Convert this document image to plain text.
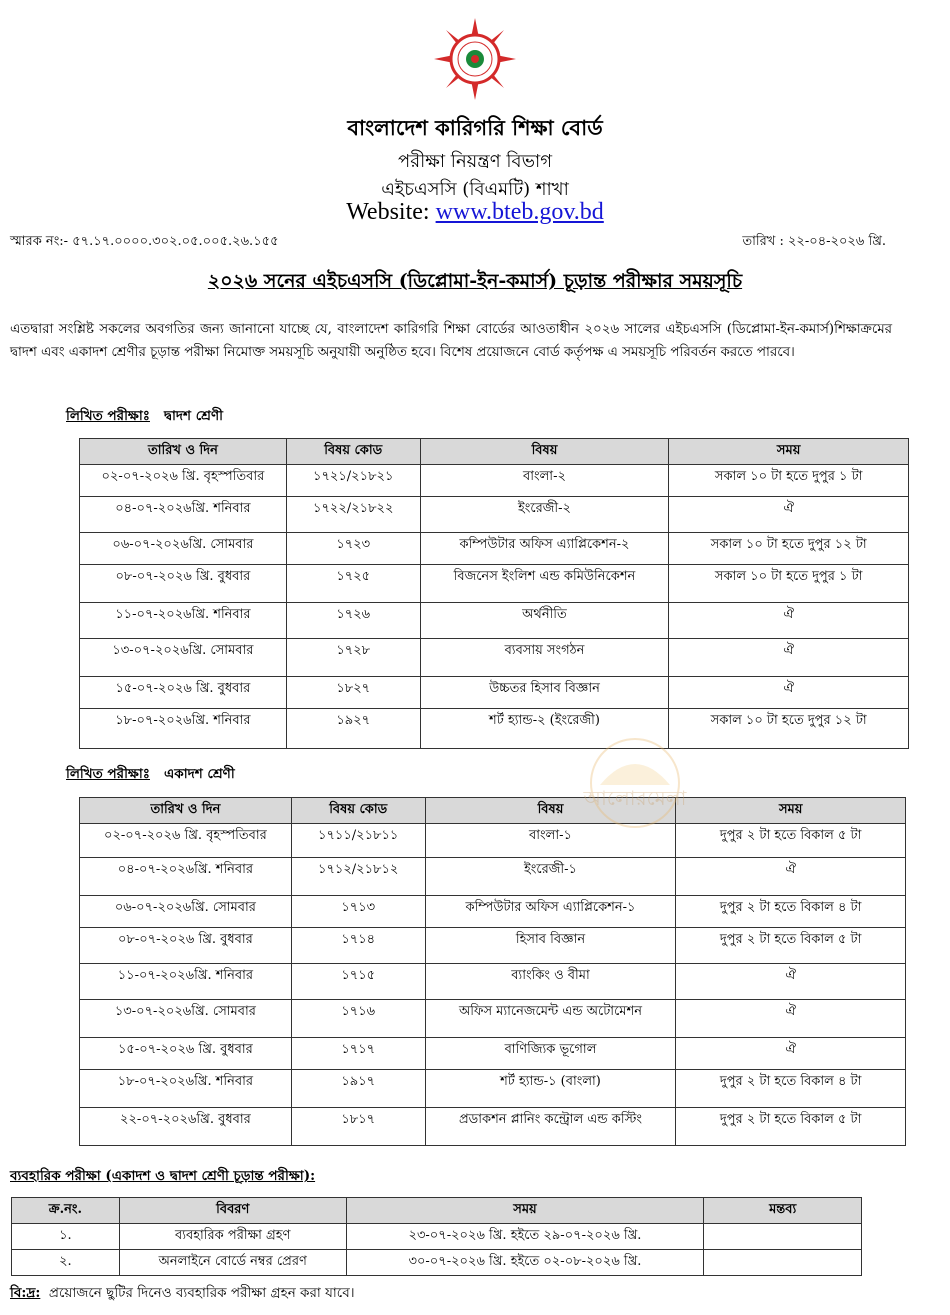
বাংলাদেশ কারিগরি শিক্ষা বোর্ড
পরীক্ষা নিয়ন্ত্রণ বিভাগ
এইচএসসি (বিএমটি) শাখা
Website: www.bteb.gov.bd
স্মারক নং:- ৫৭.১৭.০০০০.৩০২.০৫.০০৫.২৬.১৫৫	তারিখ : ২২-০৪-২০২৬ খ্রি.
২০২৬ সনের এইচএসসি (ডিপ্লোমা-ইন-কমার্স) চূড়ান্ত পরীক্ষার সময়সূচি

এতদ্বারা সংশ্লিষ্ট সকলের অবগতির জন্য জানানো যাচ্ছে যে, বাংলাদেশ কারিগরি শিক্ষা বোর্ডের আওতাধীন ২০২৬ সালের এইচএসসি (ডিপ্লোমা-ইন-কমার্স)শিক্ষাক্রমের দ্বাদশ এবং একাদশ শ্রেণীর চূড়ান্ত পরীক্ষা নিমোক্ত সময়সূচি অনুযায়ী অনুষ্ঠিত হবে। বিশেষ প্রয়োজনে বোর্ড কর্তৃপক্ষ এ সময়সূচি পরিবর্তন করতে পারবে।

লিখিত পরীক্ষাঃ দ্বাদশ শ্রেণী
তারিখ ও দিন	বিষয় কোড	বিষয়	সময়
০২-০৭-২০২৬ খ্রি. বৃহস্পতিবার	১৭২১/২১৮২১	বাংলা-২	সকাল ১০ টা হতে দুপুর ১ টা
০৪-০৭-২০২৬খ্রি. শনিবার	১৭২২/২১৮২২	ইংরেজী-২	ঐ
০৬-০৭-২০২৬খ্রি. সোমবার	১৭২৩	কম্পিউটার অফিস এ্যাপ্লিকেশন-২	সকাল ১০ টা হতে দুপুর ১২ টা
০৮-০৭-২০২৬ খ্রি. বুধবার	১৭২৫	বিজনেস ইংলিশ এন্ড কমিউনিকেশন	সকাল ১০ টা হতে দুপুর ১ টা
১১-০৭-২০২৬খ্রি. শনিবার	১৭২৬	অর্থনীতি	ঐ
১৩-০৭-২০২৬খ্রি. সোমবার	১৭২৮	ব্যবসায় সংগঠন	ঐ
১৫-০৭-২০২৬ খ্রি. বুধবার	১৮২৭	উচ্চতর হিসাব বিজ্ঞান	ঐ
১৮-০৭-২০২৬খ্রি. শনিবার	১৯২৭	শর্ট হ্যান্ড-২ (ইংরেজী)	সকাল ১০ টা হতে দুপুর ১২ টা
লিখিত পরীক্ষাঃ একাদশ শ্রেণী
তারিখ ও দিন	বিষয় কোড	বিষয়	সময়
০২-০৭-২০২৬ খ্রি. বৃহস্পতিবার	১৭১১/২১৮১১	বাংলা-১	দুপুর ২ টা হতে বিকাল ৫ টা
০৪-০৭-২০২৬খ্রি. শনিবার	১৭১২/২১৮১২	ইংরেজী-১	ঐ
০৬-০৭-২০২৬খ্রি. সোমবার	১৭১৩	কম্পিউটার অফিস এ্যাপ্লিকেশন-১	দুপুর ২ টা হতে বিকাল ৪ টা
০৮-০৭-২০২৬ খ্রি. বুধবার	১৭১৪	হিসাব বিজ্ঞান	দুপুর ২ টা হতে বিকাল ৫ টা
১১-০৭-২০২৬খ্রি. শনিবার	১৭১৫	ব্যাংকিং ও বীমা	ঐ
১৩-০৭-২০২৬খ্রি. সোমবার	১৭১৬	অফিস ম্যানেজমেন্ট এন্ড অটোমেশন	ঐ
১৫-০৭-২০২৬ খ্রি. বুধবার	১৭১৭	বাণিজ্যিক ভূগোল	ঐ
১৮-০৭-২০২৬খ্রি. শনিবার	১৯১৭	শর্ট হ্যান্ড-১ (বাংলা)	দুপুর ২ টা হতে বিকাল ৪ টা
২২-০৭-২০২৬খ্রি. বুধবার	১৮১৭	প্রডাকশন প্লানিং কন্ট্রোল এন্ড কস্টিং	দুপুর ২ টা হতে বিকাল ৫ টা
ব্যবহারিক পরীক্ষা (একাদশ ও দ্বাদশ শ্রেণী চূড়ান্ত পরীক্ষা):
ক্র.নং.	বিবরণ	সময়	মন্তব্য
১.	ব্যবহারিক পরীক্ষা গ্রহণ	২৩-০৭-২০২৬ খ্রি. হইতে ২৯-০৭-২০২৬ খ্রি.	
২.	অনলাইনে বোর্ডে নম্বর প্রেরণ	৩০-০৭-২০২৬ খ্রি. হইতে ০২-০৮-২০২৬ খ্রি.	
বি:দ্র: প্রয়োজনে ছুটির দিনেও ব্যবহারিক পরীক্ষা গ্রহন করা যাবে।
আলোরমেলা
